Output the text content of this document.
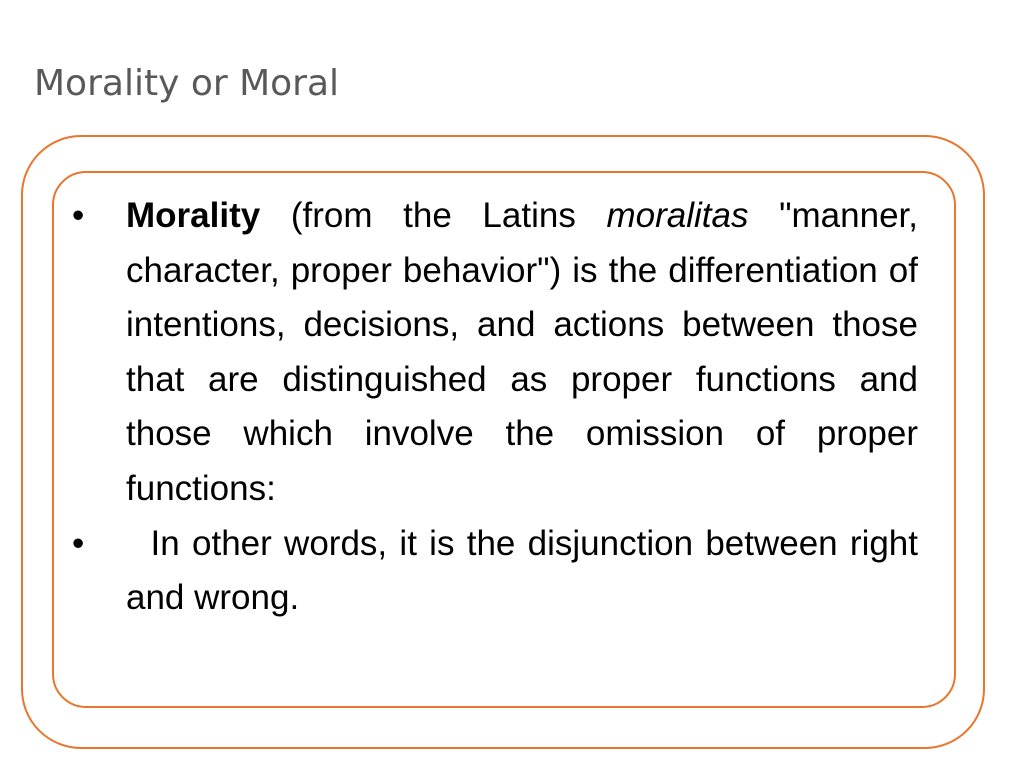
Morality or Moral
•	Morality (from the Latins moralitas "manner, character, proper behavior") is the differentiation of intentions, decisions, and actions between those that are distinguished as proper functions and those which involve the omission of proper functions:
•	In other words, it is the disjunction between right and wrong.
